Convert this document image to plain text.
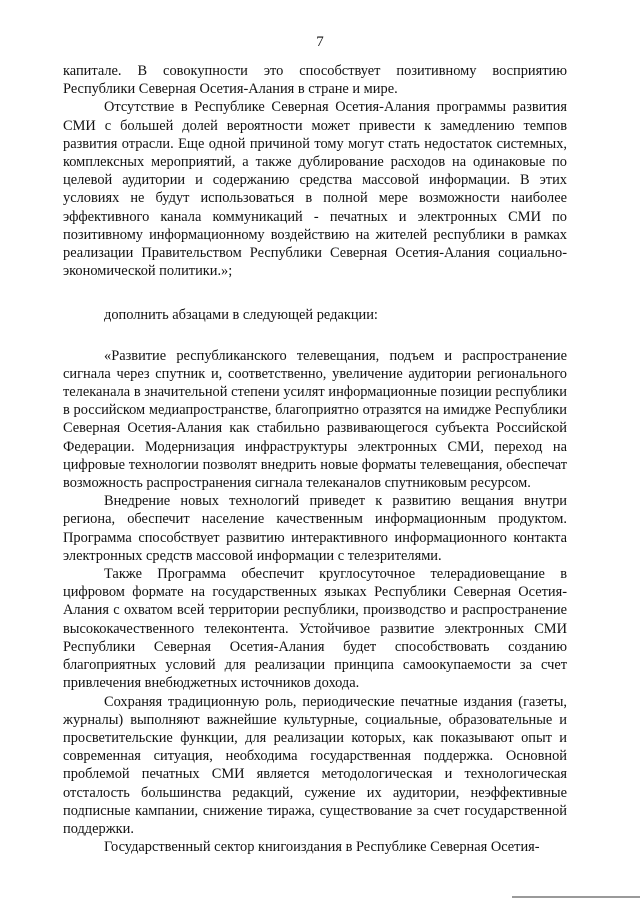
7

капитале. В совокупности это способствует позитивному восприятию Республики Северная Осетия-Алания в стране и мире.

Отсутствие в Республике Северная Осетия-Алания программы развития СМИ с большей долей вероятности может привести к замедлению темпов развития отрасли. Еще одной причиной тому могут стать недостаток системных, комплексных мероприятий, а также дублирование расходов на одинаковые по целевой аудитории и содержанию средства массовой информации. В этих условиях не будут использоваться в полной мере возможности наиболее эффективного канала коммуникаций - печатных и электронных СМИ по позитивному информационному воздействию на жителей республики в рамках реализации Правительством Республики Северная Осетия-Алания социально-экономической политики.»;

дополнить абзацами в следующей редакции:

«Развитие республиканского телевещания, подъем и распространение сигнала через спутник и, соответственно, увеличение аудитории регионального телеканала в значительной степени усилят информационные позиции республики в российском медиапространстве, благоприятно отразятся на имидже Республики Северная Осетия-Алания как стабильно развивающегося субъекта Российской Федерации. Модернизация инфраструктуры электронных СМИ, переход на цифровые технологии позволят внедрить новые форматы телевещания, обеспечат возможность распространения сигнала телеканалов спутниковым ресурсом.

Внедрение новых технологий приведет к развитию вещания внутри региона, обеспечит население качественным информационным продуктом. Программа способствует развитию интерактивного информационного контакта электронных средств массовой информации с телезрителями.

Также Программа обеспечит круглосуточное телерадиовещание в цифровом формате на государственных языках Республики Северная Осетия-Алания с охватом всей территории республики, производство и распространение высококачественного телеконтента. Устойчивое развитие электронных СМИ Республики Северная Осетия-Алания будет способствовать созданию благоприятных условий для реализации принципа самоокупаемости за счет привлечения внебюджетных источников дохода.

Сохраняя традиционную роль, периодические печатные издания (газеты, журналы) выполняют важнейшие культурные, социальные, образовательные и просветительские функции, для реализации которых, как показывают опыт и современная ситуация, необходима государственная поддержка. Основной проблемой печатных СМИ является методологическая и технологическая отсталость большинства редакций, сужение их аудитории, неэффективные подписные кампании, снижение тиража, существование за счет государственной поддержки.

Государственный сектор книгоиздания в Республике Северная Осетия-
